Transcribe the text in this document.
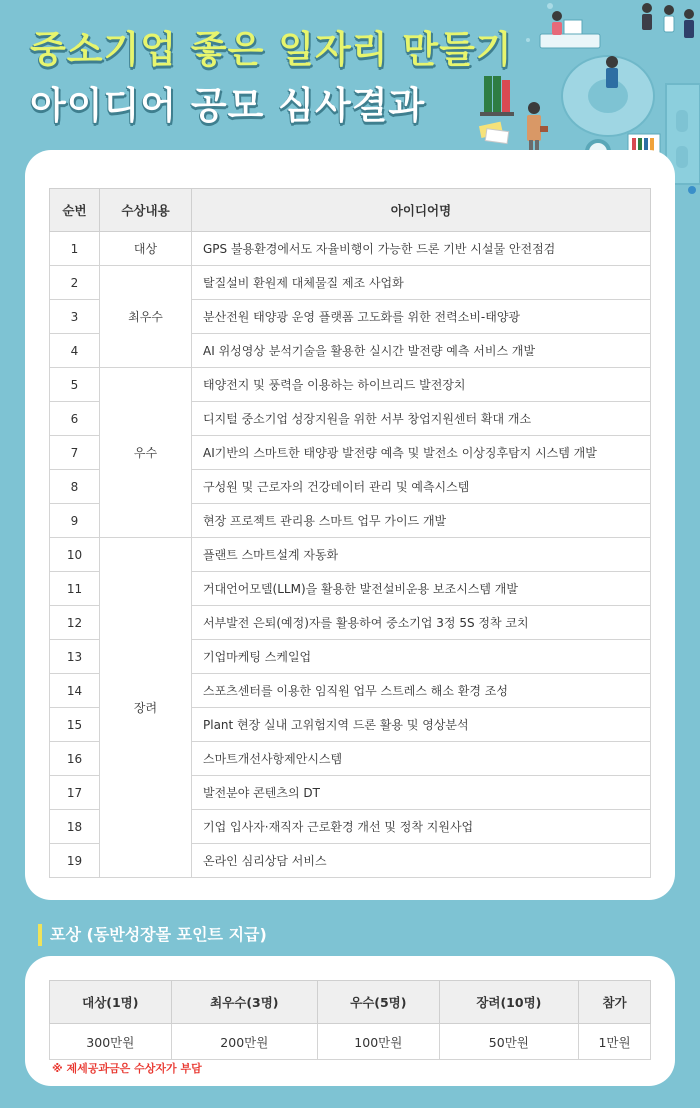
중소기업 좋은 일자리 만들기
아이디어 공모 심사결과
순번	수상내용	아이디어명
1	대상	GPS 불용환경에서도 자율비행이 가능한 드론 기반 시설물 안전점검
2	최우수	탈질설비 환원제 대체물질 제조 사업화
3		분산전원 태양광 운영 플랫폼 고도화를 위한 전력소비-태양광
4		AI 위성영상 분석기술을 활용한 실시간 발전량 예측 서비스 개발
5	우수	태양전지 및 풍력을 이용하는 하이브리드 발전장치
6		디지털 중소기업 성장지원을 위한 서부 창업지원센터 확대 개소
7		AI기반의 스마트한 태양광 발전량 예측 및 발전소 이상징후탐지 시스템 개발
8		구성원 및 근로자의 건강데이터 관리 및 예측시스템
9		현장 프로젝트 관리용 스마트 업무 가이드 개발
10	장려	플랜트 스마트설계 자동화
11		거대언어모델(LLM)을 활용한 발전설비운용 보조시스템 개발
12		서부발전 은퇴(예정)자를 활용하여 중소기업 3정 5S 정착 코치
13		기업마케팅 스케일업
14		스포츠센터를 이용한 임직원 업무 스트레스 해소 환경 조성
15		Plant 현장 실내 고위험지역 드론 활용 및 영상분석
16		스마트개선사항제안시스템
17		발전분야 콘텐츠의 DT
18		기업 입사자·재직자 근로환경 개선 및 정착 지원사업
19		온라인 심리상담 서비스
포상 (동반성장몰 포인트 지급)
대상(1명)	최우수(3명)	우수(5명)	장려(10명)	참가
300만원	200만원	100만원	50만원	1만원
※ 제세공과금은 수상자가 부담
